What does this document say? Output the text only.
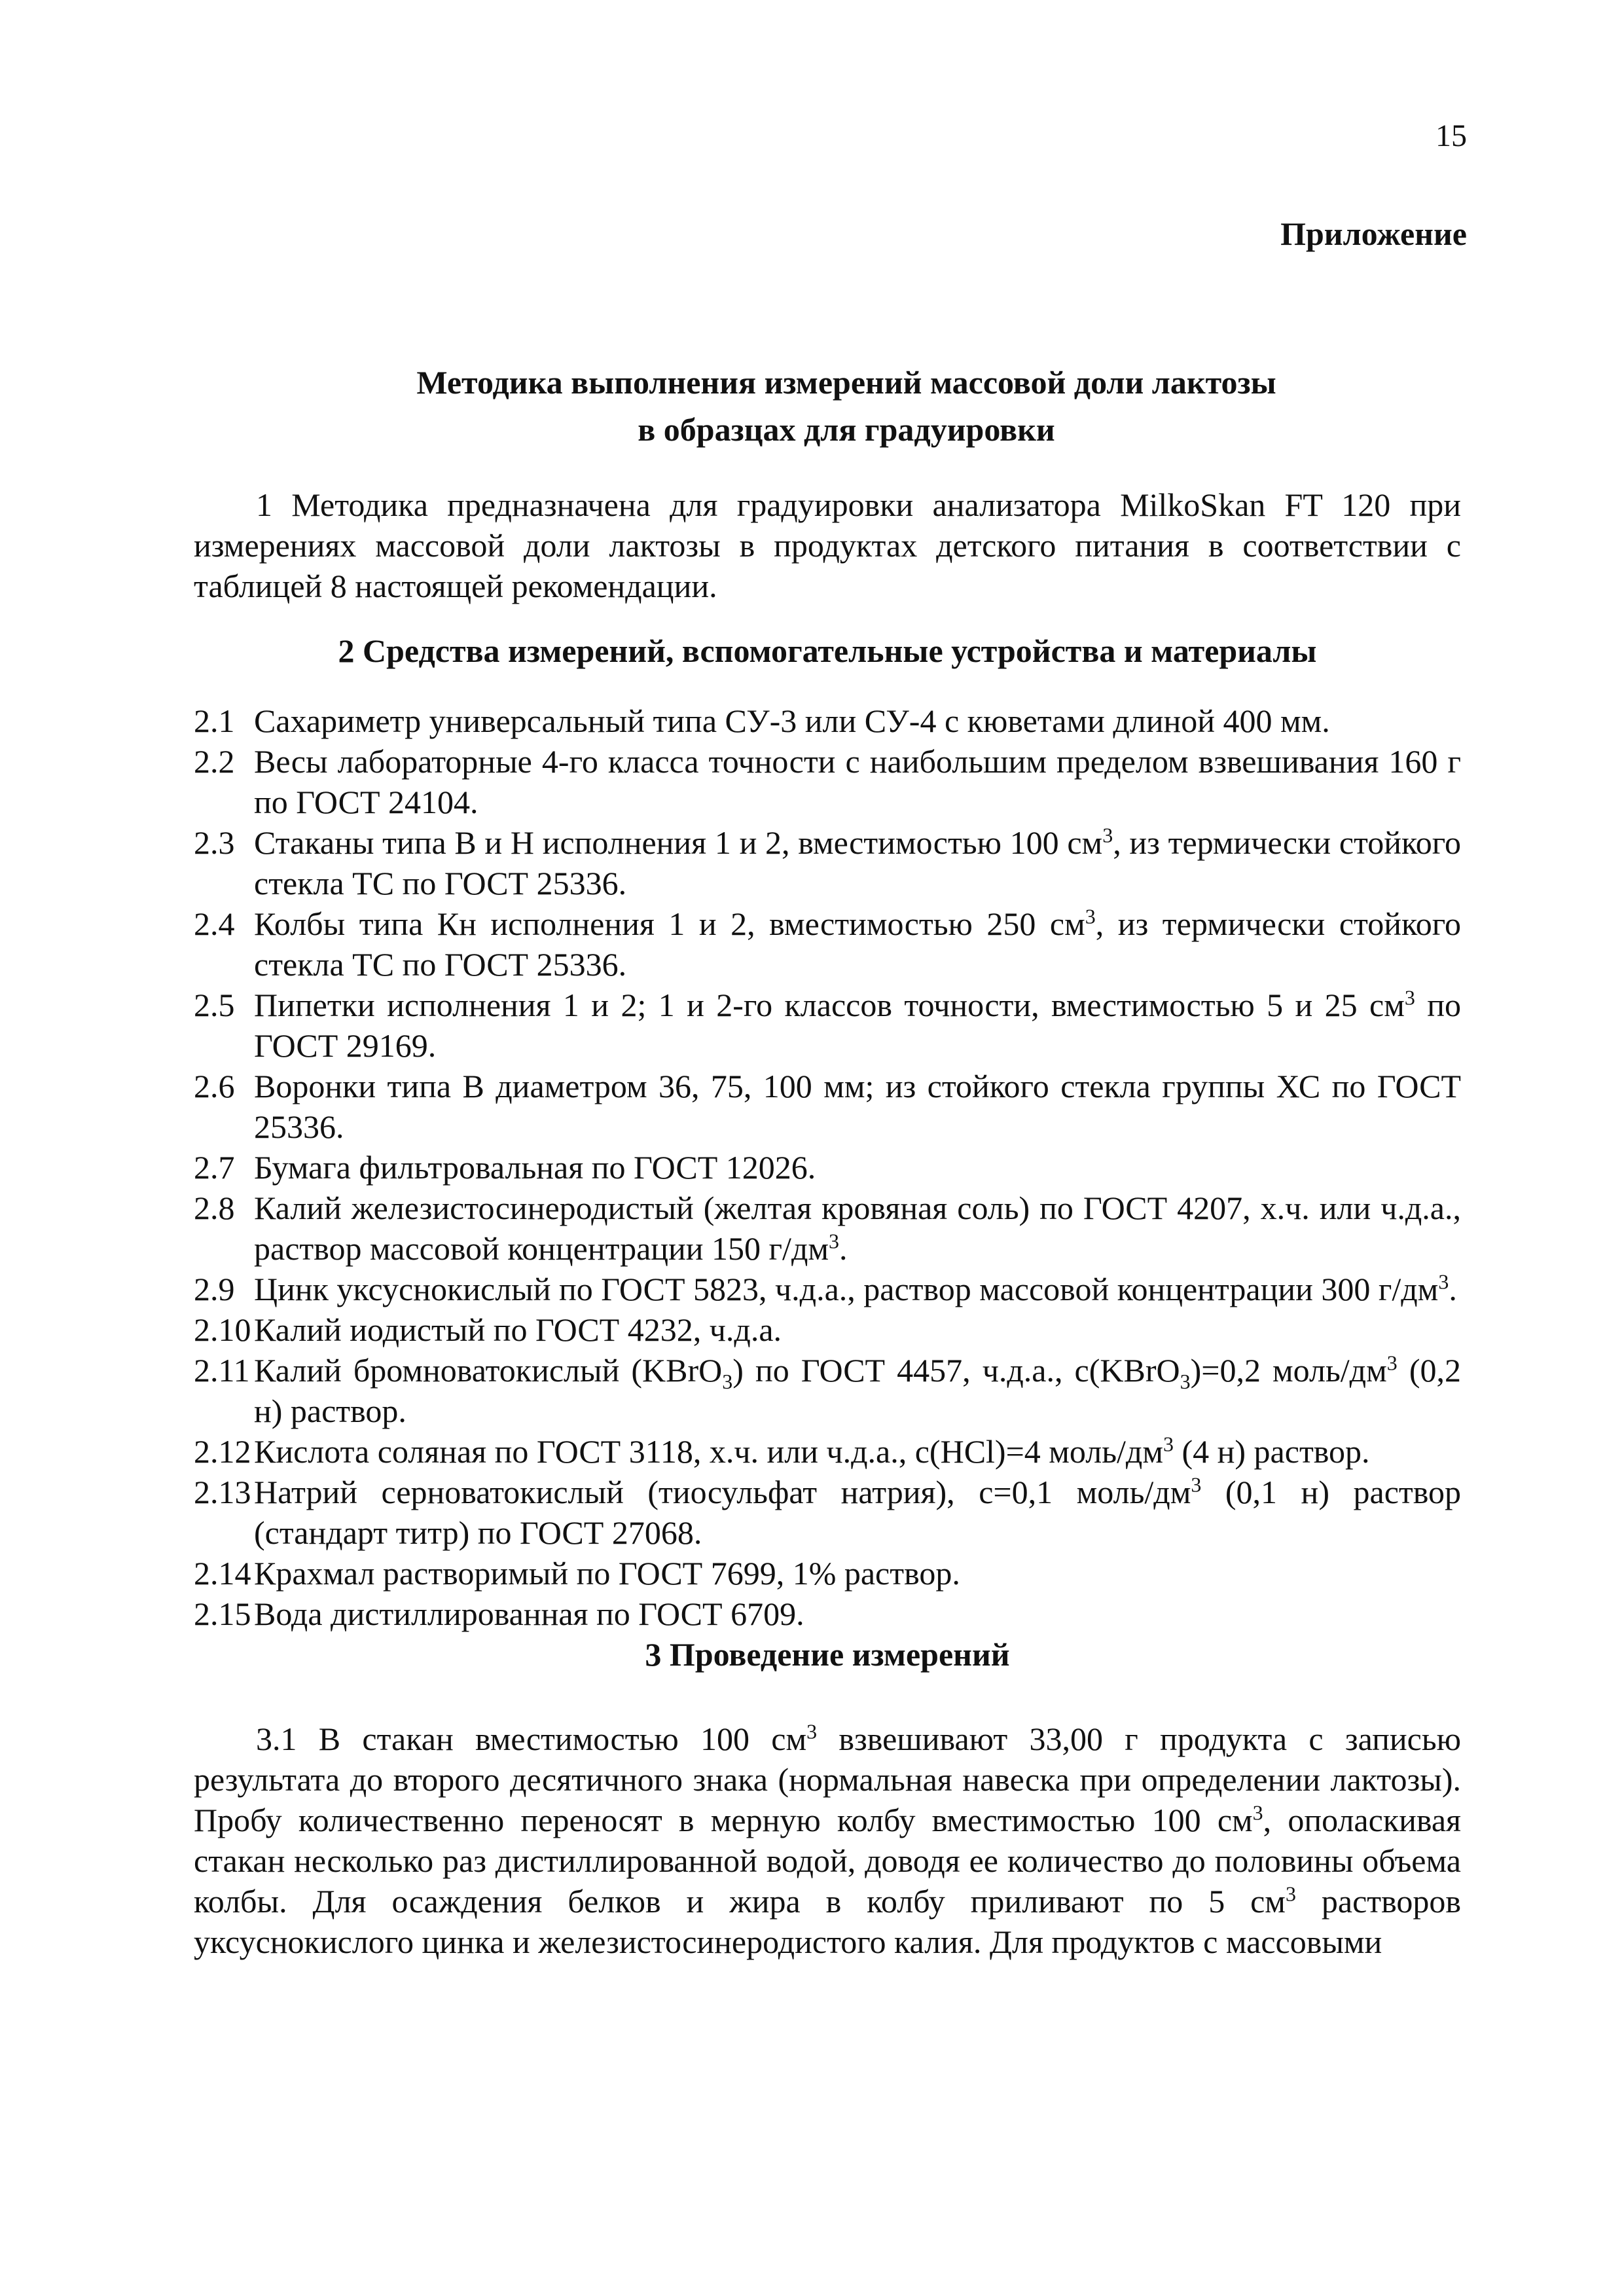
15
Приложение
Методика выполнения измерений массовой доли лактозы
в образцах для градуировки
1 Методика предназначена для градуировки анализатора MilkoSkan FT 120 при измерениях массовой доли лактозы в продуктах детского питания в соответствии с таблицей 8 настоящей рекомендации.
2 Средства измерений, вспомогательные устройства и материалы
2.1 Сахариметр универсальный типа СУ-3 или СУ-4 с кюветами длиной 400 мм.
2.2 Весы лабораторные 4-го класса точности с наибольшим пределом взвешивания 160 г по ГОСТ 24104.
2.3 Стаканы типа В и Н исполнения 1 и 2, вместимостью 100 $см^3$, из термически стойкого стекла ТС по ГОСТ 25336.
2.4 Колбы типа Кн исполнения 1 и 2, вместимостью 250 $см^3$, из термически стойкого стекла ТС по ГОСТ 25336.
2.5 Пипетки исполнения 1 и 2; 1 и 2-го классов точности, вместимостью 5 и 25 $см^3$ по ГОСТ 29169.
2.6 Воронки типа В диаметром 36, 75, 100 мм; из стойкого стекла группы ХС по ГОСТ 25336.
2.7 Бумага фильтровальная по ГОСТ 12026.
2.8 Калий железистосинеродистый (желтая кровяная соль) по ГОСТ 4207, х.ч. или ч.д.а., раствор массовой концентрации 150 $г/дм^3$.
2.9 Цинк уксуснокислый по ГОСТ 5823, ч.д.а., раствор массовой концентрации 300 $г/дм^3$.
2.10 Калий иодистый по ГОСТ 4232, ч.д.а.
2.11 Калий бромноватокислый (KBrO$_3$) по ГОСТ 4457, ч.д.а., с(KBrO$_3$)=0,2 моль/$дм^3$ (0,2 н) раствор.
2.12 Кислота соляная по ГОСТ 3118, х.ч. или ч.д.а., с(HCl)=4 моль/$дм^3$ (4 н) раствор.
2.13 Натрий серноватокислый (тиосульфат натрия), с=0,1 моль/$дм^3$ (0,1 н) раствор (стандарт титр) по ГОСТ 27068.
2.14 Крахмал растворимый по ГОСТ 7699, 1% раствор.
2.15 Вода дистиллированная по ГОСТ 6709.
3 Проведение измерений
3.1 В стакан вместимостью 100 $см^3$ взвешивают 33,00 г продукта с записью результата до второго десятичного знака (нормальная навеска при определении лактозы). Пробу количественно переносят в мерную колбу вместимостью 100 $см^3$, ополаскивая стакан несколько раз дистиллированной водой, доводя ее количество до половины объема колбы. Для осаждения белков и жира в колбу приливают по 5 $см^3$ растворов уксуснокислого цинка и железистосинеродистого калия. Для продуктов с массовыми
